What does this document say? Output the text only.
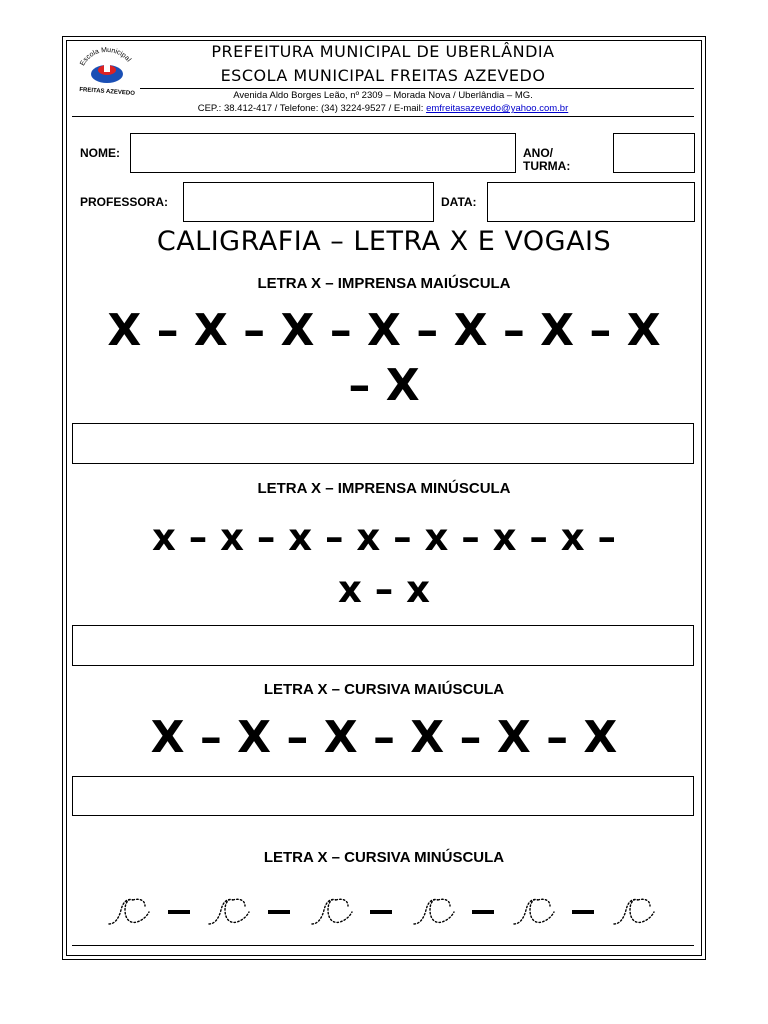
Escola Municipal
FREITAS AZEVEDO
PREFEITURA MUNICIPAL DE UBERLÂNDIA
ESCOLA MUNICIPAL FREITAS AZEVEDO
Avenida Aldo Borges Leão, nº 2309 – Morada Nova / Uberlândia – MG.
CEP.: 38.412-417 / Telefone: (34) 3224-9527 / E-mail: emfreitasazevedo@yahoo.com.br
NOME:	ANO/
TURMA:
PROFESSORA:	DATA:
CALIGRAFIA – LETRA X E VOGAIS
LETRA X – IMPRENSA MAIÚSCULA
X – X – X – X – X – X – X
– X
LETRA X – IMPRENSA MINÚSCULA
x – x – x – x – x – x – x –
x – x
LETRA X – CURSIVA MAIÚSCULA
X – X – X – X – X – X
LETRA X – CURSIVA MINÚSCULA
